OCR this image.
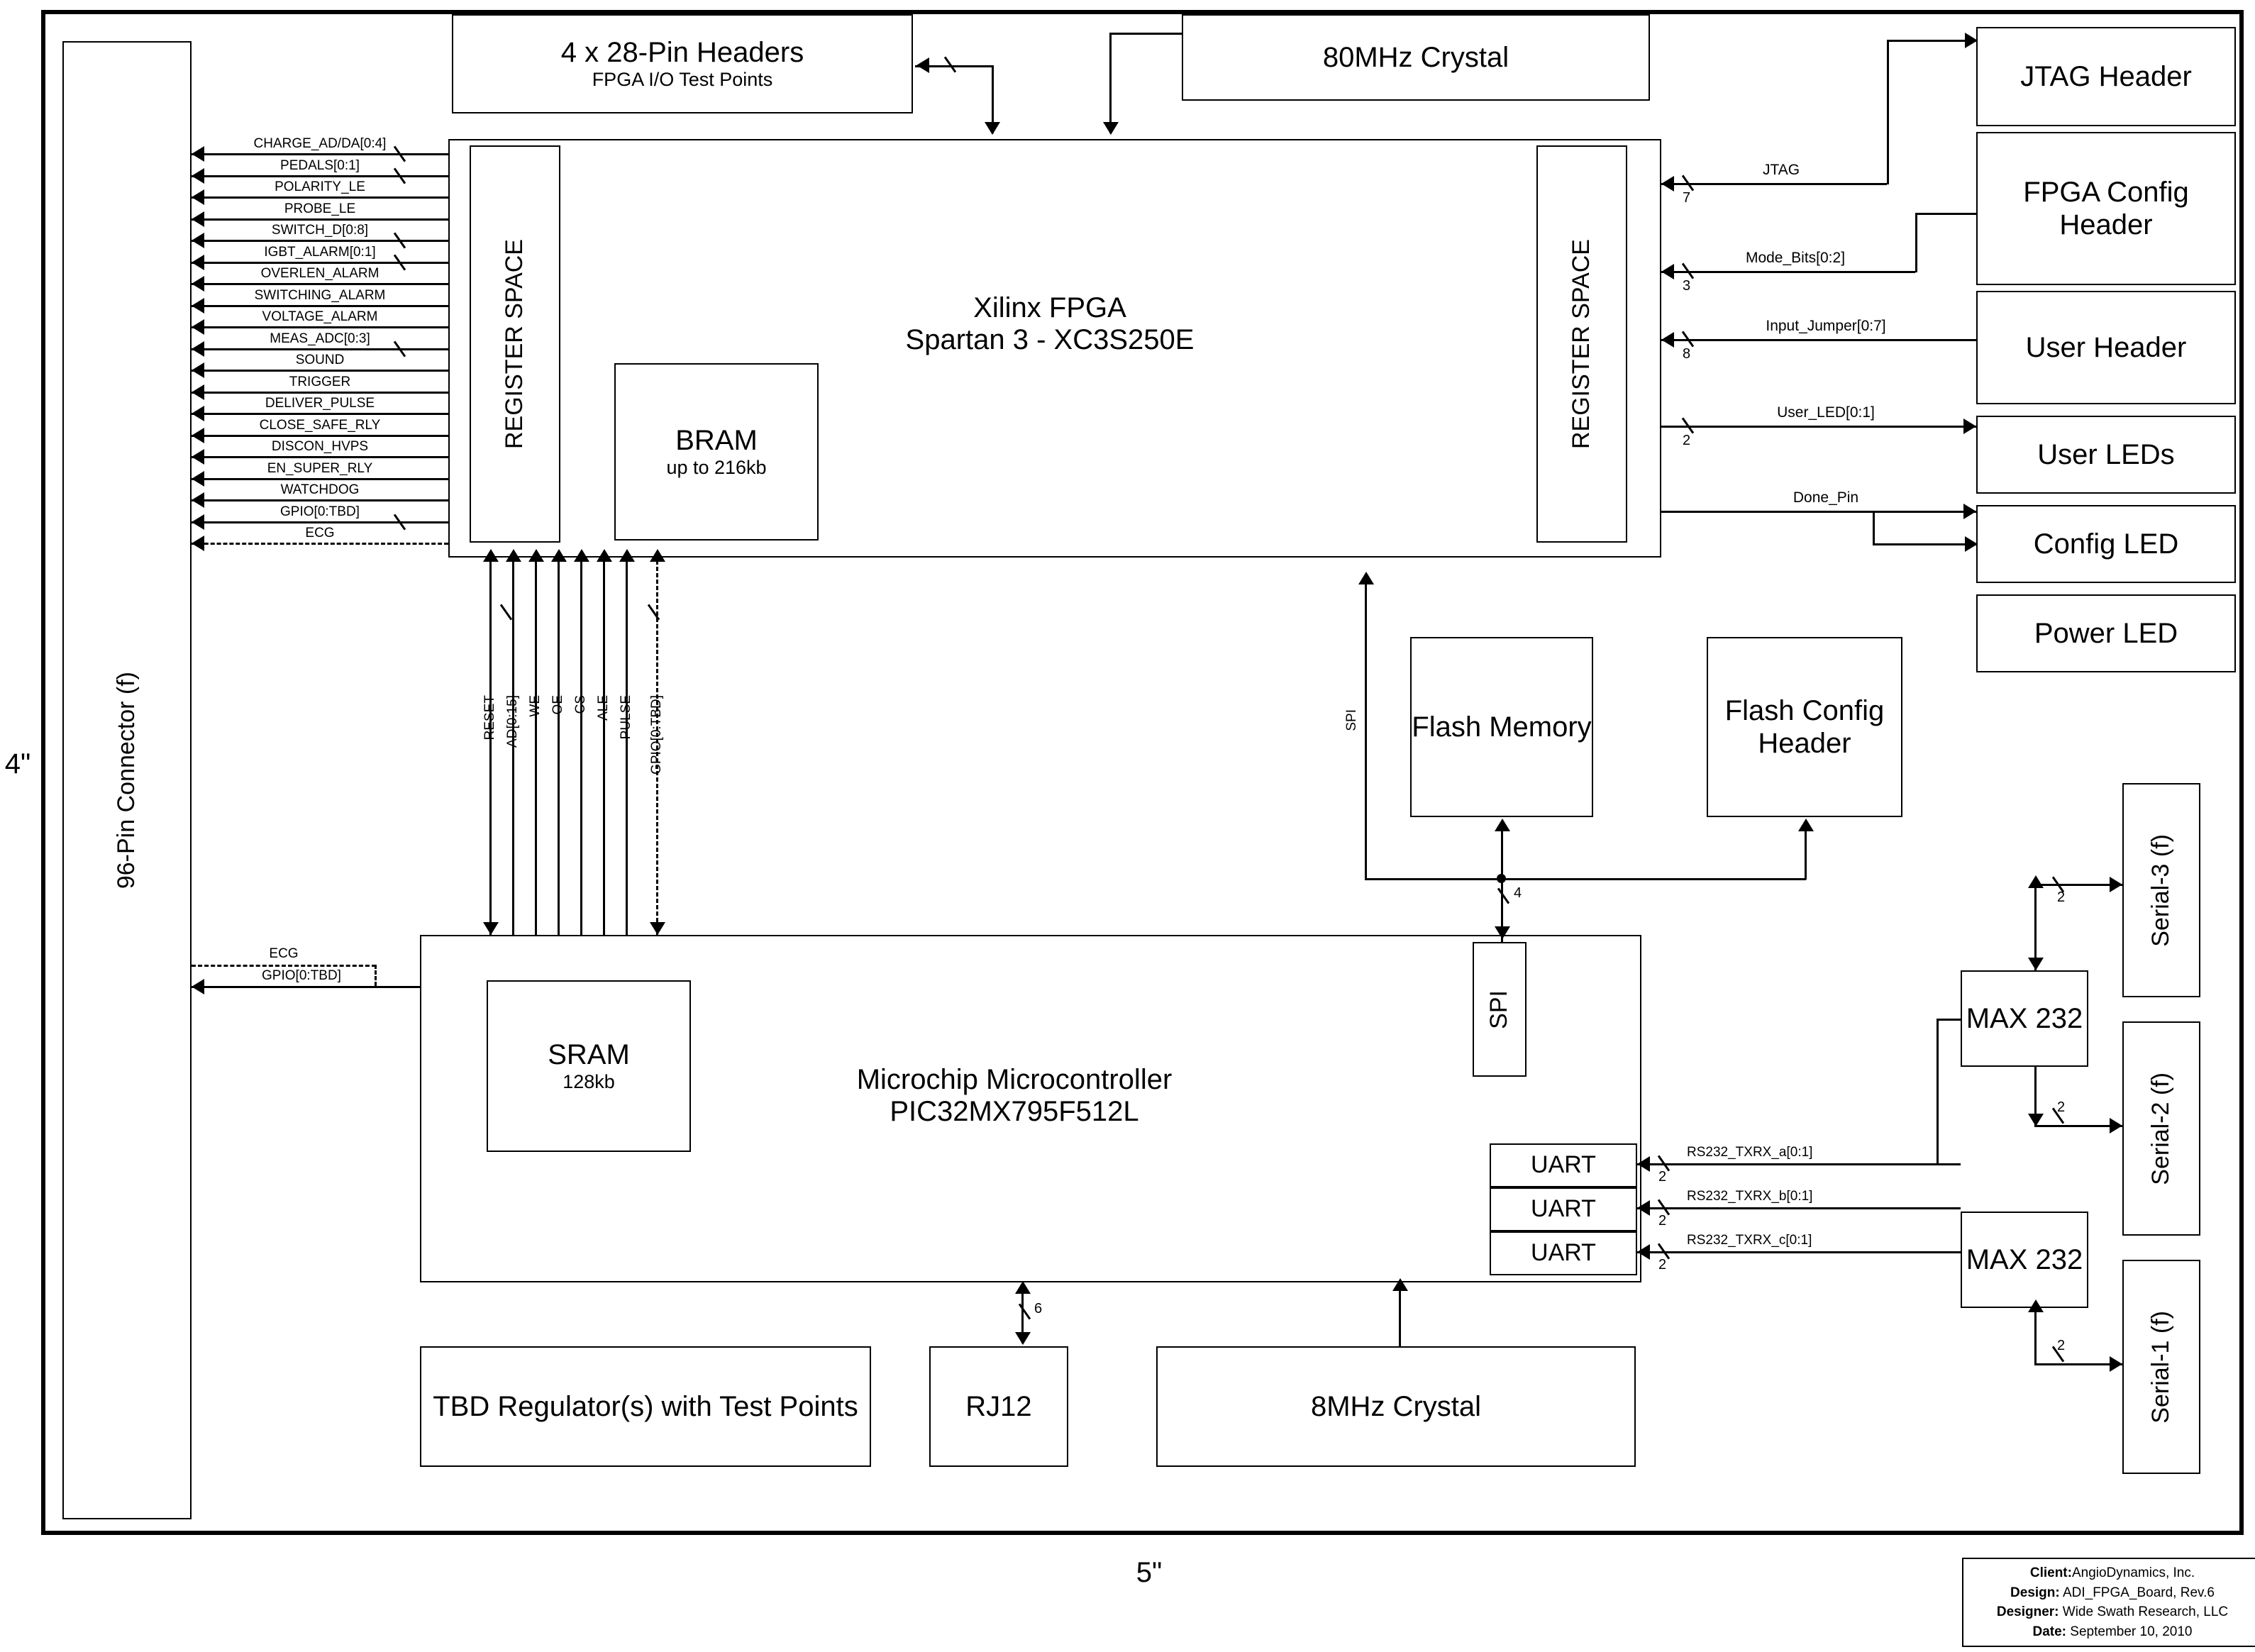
4"
5"
96-Pin Connector (f)
4 x 28-Pin Headers
FPGA I/O Test Points
80MHz Crystal
Xilinx FPGA
Spartan 3 - XC3S250E
REGISTER SPACE	REGISTER SPACE
BRAM
up to 216kb
JTAG Header
FPGA Config Header
User Header
User LEDs
Config LED
Power LED
Flash Memory
Flash Config Header
Microchip Microcontroller
PIC32MX795F512L
SRAM
128kb
SPI
UART
UART
UART
MAX 232
MAX 232
Serial-3 (f)
Serial-2 (f)
Serial-1 (f)
TBD Regulator(s) with Test Points	RJ12	8MHz Crystal
CHARGE_AD/DA[0:4]
PEDALS[0:1]
POLARITY_LE
PROBE_LE
SWITCH_D[0:8]
IGBT_ALARM[0:1]
OVERLEN_ALARM
SWITCHING_ALARM
VOLTAGE_ALARM
MEAS_ADC[0:3]
SOUND
TRIGGER
DELIVER_PULSE
CLOSE_SAFE_RLY
DISCON_HVPS
EN_SUPER_RLY
WATCHDOG
GPIO[0:TBD]
ECG
ECG
GPIO[0:TBD]
RESET AD[0:15] WE OE CS ALE PULSE GPIO[0:TBD]
JTAG
7
Mode_Bits[0:2]
3
Input_Jumper[0:7]
8
User_LED[0:1]
2
Done_Pin
RS232_TXRX_a[0:1]
2
RS232_TXRX_b[0:1]
2
RS232_TXRX_c[0:1]
2
2
2
2
4
SPI
6
Client:AngioDynamics, Inc.
Design: ADI_FPGA_Board, Rev.6
Designer: Wide Swath Research, LLC
Date: September 10, 2010
